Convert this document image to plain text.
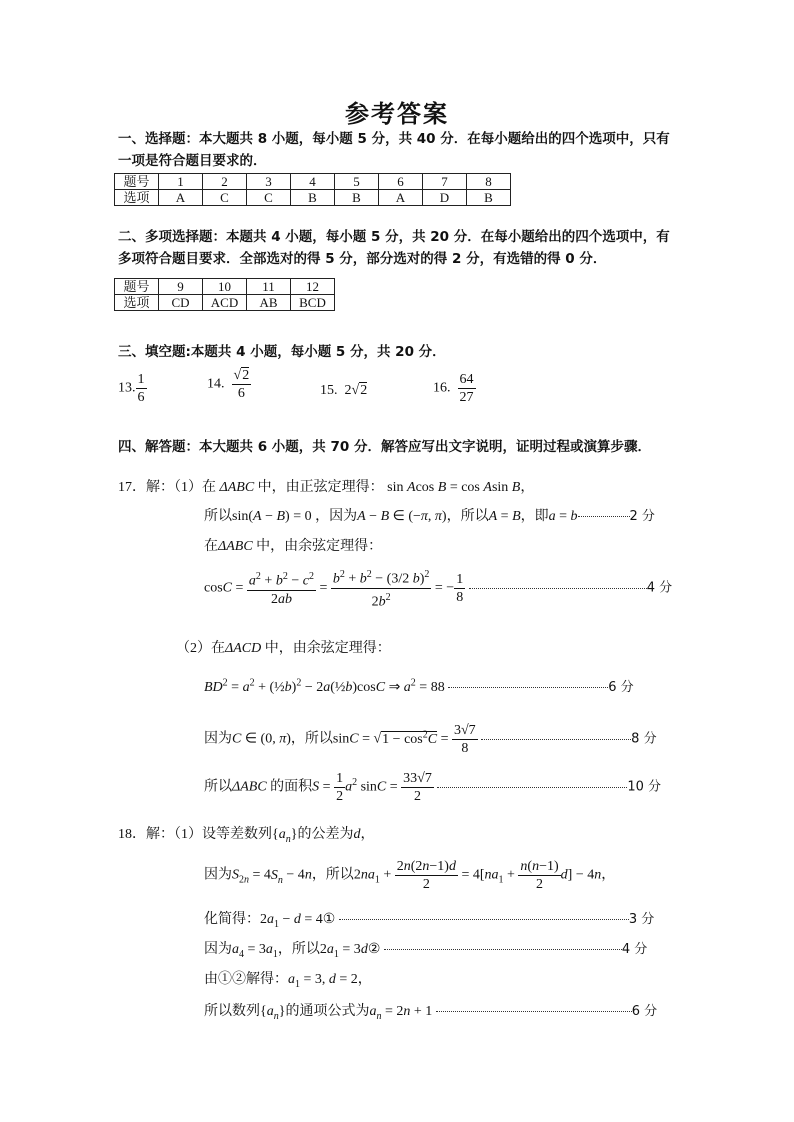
参考答案
一、选择题：本大题共 8 小题，每小题 5 分，共 40 分．在每小题给出的四个选项中，只有
一项是符合题目要求的．
题号	1	2	3	4	5	6	7	8
选项	A	C	C	B	B	A	D	B
二、多项选择题：本题共 4 小题，每小题 5 分，共 20 分．在每小题给出的四个选项中，有
多项符合题目要求．全部选对的得 5 分，部分选对的得 2 分，有选错的得 0 分．
题号	9	10	11	12
选项	CD	ACD	AB	BCD
三、填空题:本题共 4 小题，每小题 5 分，共 20 分．
13. $\frac{1}{6}$	14. $\frac{√2}{6}$	15. 2√2	16. $\frac{64}{27}$
四、解答题：本大题共 6 小题，共 70 分．解答应写出文字说明，证明过程或演算步骤．
17．解：（1）在 ΔABC 中，由正弦定理得： sin Acos B = cos Asin B，
所以sin(A − B) = 0 ，因为A − B ∈ (−π, π)，所以A = B，即a = b	2 分
在ΔABC 中，由余弦定理得：
$\cos C = \frac{a^2 + b^2 - c^2}{2ab} = \frac{b^2 + b^2 - (3/2 b)^2}{2b^2}$ = − $\frac{1}{8}$	4 分
（2）在ΔACD 中，由余弦定理得：
$BD^2 = a^2$ + (½b)$^2$ − 2a(½b)cosC ⇒ $a^2 = 88$	6 分
因为C ∈ (0, π)，所以$\sin C = √1 - \cos^2C = \frac{3√7}{8}$	8 分
所以ΔABC 的面积$S = \frac{1}{2} a^2$ $\sin C = \frac{33√7}{2}$	10 分
18．解：（1）设等差数列$\{a_n\}$的公差为d，
因为$S_{2n} = 4S_n - 4n$，所以$2na_1 + \frac{2n(2n-1)d}{2} = 4[na_1 + \frac{n(n-1)}{2} d] - 4n$，
化简得：$2a_1 - d$ = 4①	3 分
因为$a_4 = 3a_1$，所以$2a_1$ = 3d②	4 分
由①②解得：$a_1 = 3$, d = 2，
所以数列$\{a_n\}$的通项公式为$a_n = 2n + 1$	6 分
